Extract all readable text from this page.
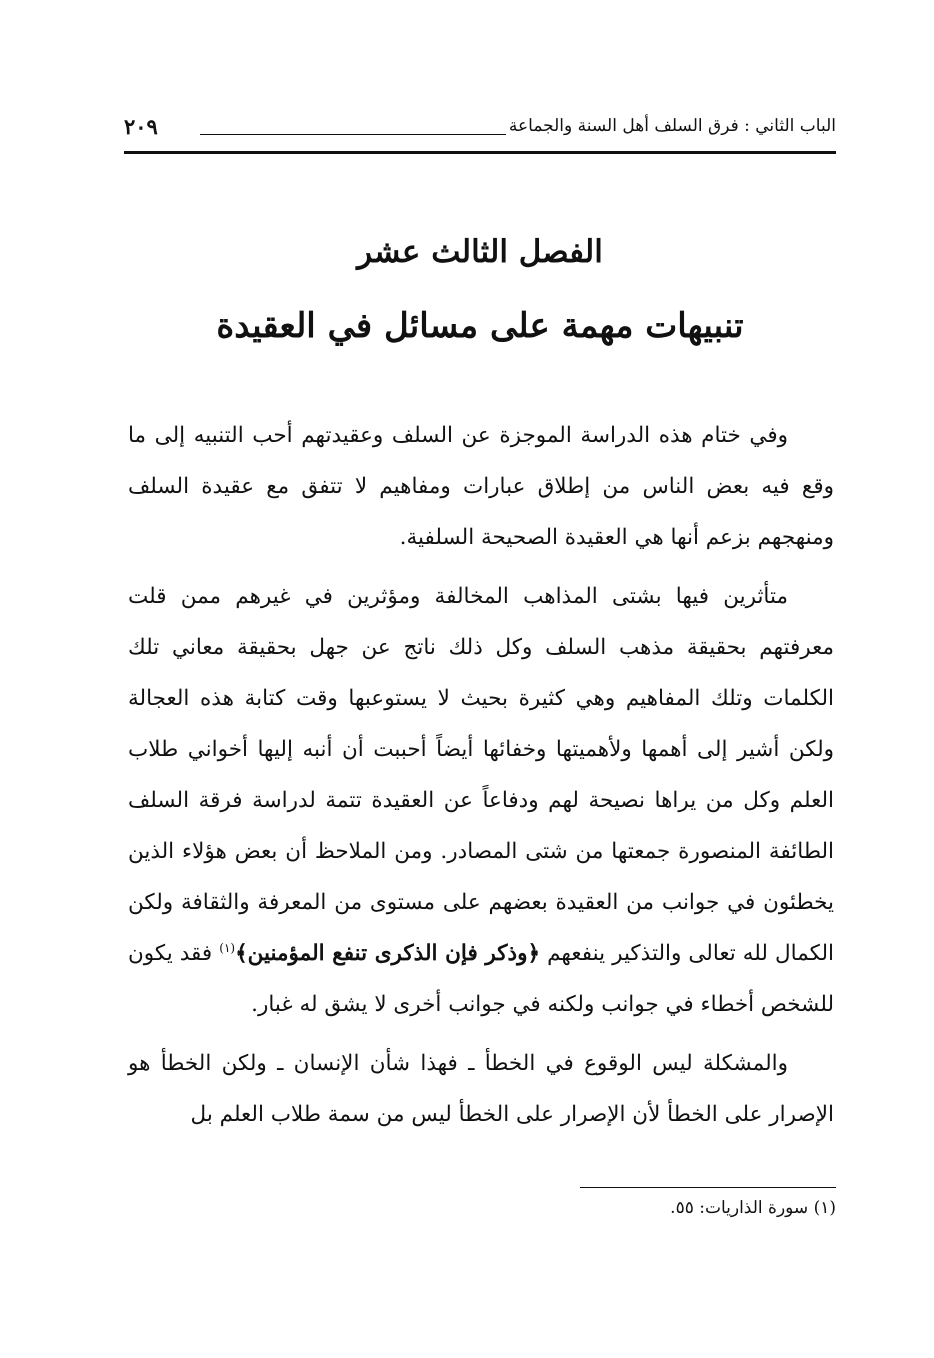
الباب الثاني : فرق السلف أهل السنة والجماعة
٢٠٩
الفصل الثالث عشر
تنبيهات مهمة على مسائل في العقيدة

وفي ختام هذه الدراسة الموجزة عن السلف وعقيدتهم أحب التنبيه إلى ما وقع فيه بعض الناس من إطلاق عبارات ومفاهيم لا تتفق مع عقيدة السلف ومنهجهم بزعم أنها هي العقيدة الصحيحة السلفية.

متأثرين فيها بشتى المذاهب المخالفة ومؤثرين في غيرهم ممن قلت معرفتهم بحقيقة مذهب السلف وكل ذلك ناتج عن جهل بحقيقة معاني تلك الكلمات وتلك المفاهيم وهي كثيرة بحيث لا يستوعبها وقت كتابة هذه العجالة ولكن أشير إلى أهمها ولأهميتها وخفائها أيضاً أحببت أن أنبه إليها أخواني طلاب العلم وكل من يراها نصيحة لهم ودفاعاً عن العقيدة تتمة لدراسة فرقة السلف الطائفة المنصورة جمعتها من شتى المصادر. ومن الملاحظ أن بعض هؤلاء الذين يخطئون في جوانب من العقيدة بعضهم على مستوى من المعرفة والثقافة ولكن الكمال لله تعالى والتذكير ينفعهم ﴿وذكر فإن الذكرى تنفع المؤمنين﴾$^{(١)}$ فقد يكون للشخص أخطاء في جوانب ولكنه في جوانب أخرى لا يشق له غبار.

والمشكلة ليس الوقوع في الخطأ ـ فهذا شأن الإنسان ـ ولكن الخطأ هو الإصرار على الخطأ لأن الإصرار على الخطأ ليس من سمة طلاب العلم بل

(١) سورة الذاريات: ٥٥.
